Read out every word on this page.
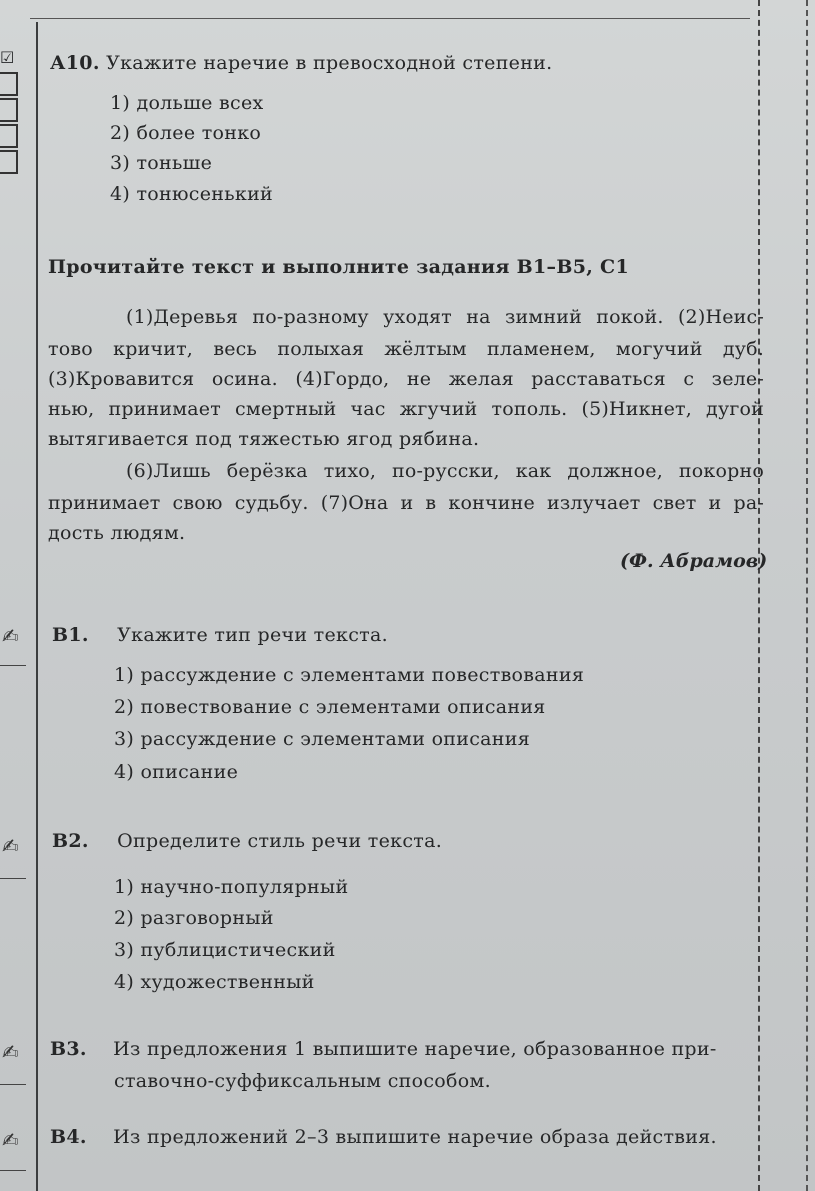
☑ А10. Укажите наречие в превосходной степени.
1) дольше всех
2) более тонко
3) тоньше
4) тонюсенький
Прочитайте текст и выполните задания В1–В5, С1
(1)Деревья по-разному уходят на зимний покой. (2)Неис-
тово кричит, весь полыхая жёлтым пламенем, могучий дуб.
(3)Кровавится осина. (4)Гордо, не желая расставаться с зеле-
нью, принимает смертный час жгучий тополь. (5)Никнет, дугой
вытягивается под тяжестью ягод рябина.
(6)Лишь берёзка тихо, по-русски, как должное, покорно
принимает свою судьбу. (7)Она и в кончине излучает свет и ра-
дость людям.
(Ф. Абрамов)
✍ В1. Укажите тип речи текста.
1) рассуждение с элементами повествования
2) повествование с элементами описания
3) рассуждение с элементами описания
4) описание
✍ В2. Определите стиль речи текста.
1) научно-популярный
2) разговорный
3) публицистический
4) художественный
✍ В3. Из предложения 1 выпишите наречие, образованное при-
ставочно-суффиксальным способом.
✍ В4. Из предложений 2–3 выпишите наречие образа действия.
